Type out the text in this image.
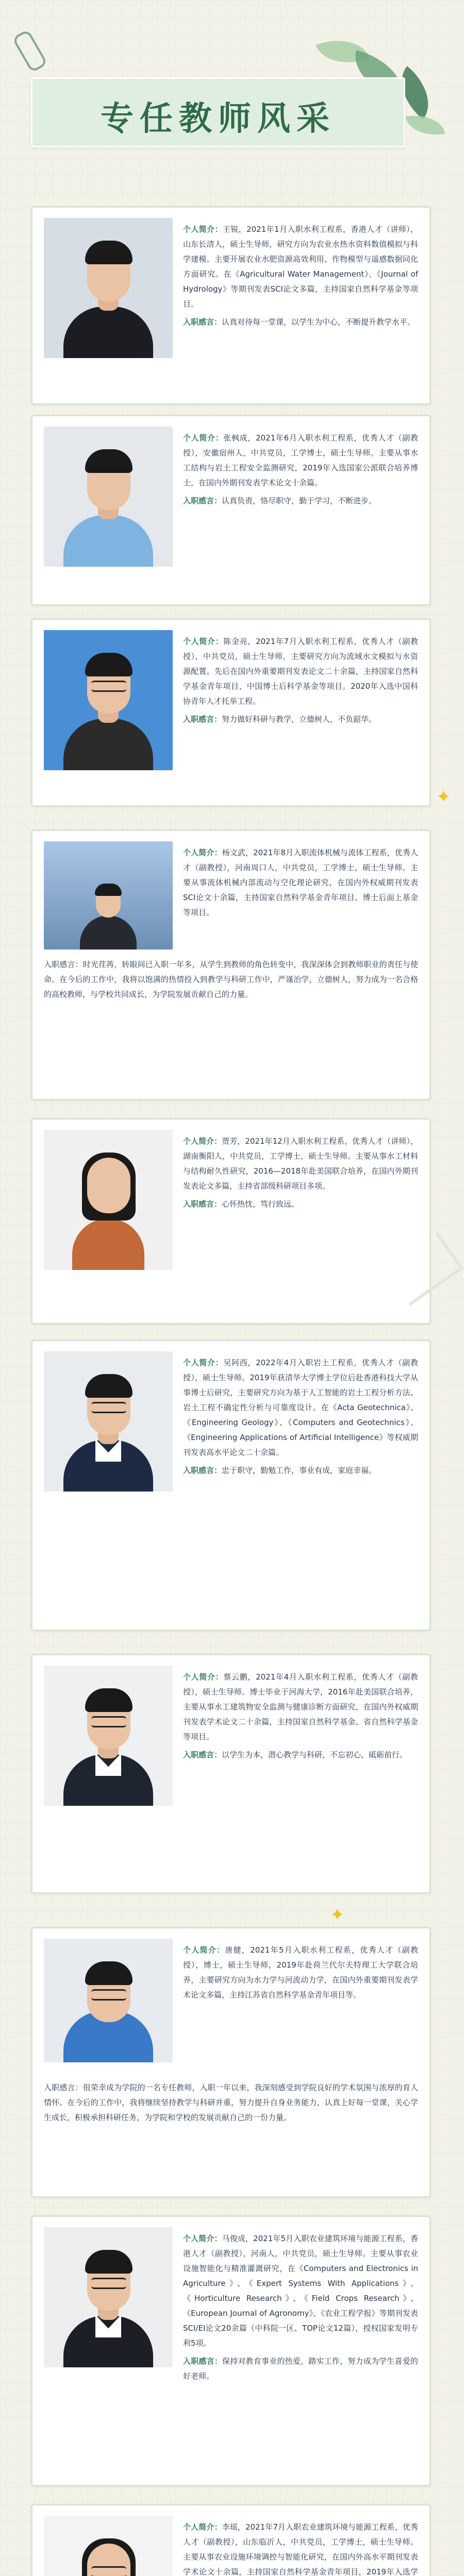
专任教师风采

个人简介：王锐，2021年1月入职水利工程系，香港人才（讲师），山东长清人，硕士生导师，研究方向为农业水热水资料数值模拟与科学建模。主要开展农业水肥资源高效利用、作物模型与遥感数据同化方面研究。在《Agricultural Water Management》、《Journal of Hydrology》等期刊发表SCI论文多篇，主持国家自然科学基金等项目。

入职感言：认真对待每一堂课，以学生为中心，不断提升教学水平。

个人简介：张枫成，2021年6月入职水利工程系，优秀人才（副教授），安徽宿州人，中共党员，工学博士，硕士生导师。主要从事水工结构与岩土工程安全监测研究，2019年入选国家公派联合培养博士，在国内外期刊发表学术论文十余篇。

入职感言：认真负责，恪尽职守，勤于学习，不断进步。

个人简介：陈金亮，2021年7月入职水利工程系，优秀人才（副教授），中共党员，硕士生导师，主要研究方向为流域水文模拟与水资源配置。先后在国内外重要期刊发表论文二十余篇，主持国家自然科学基金青年项目、中国博士后科学基金等项目。2020年入选中国科协青年人才托举工程。

入职感言：努力做好科研与教学，立德树人，不负韶华。

✦

个人简介：杨文武，2021年8月入职流体机械与流体工程系，优秀人才（副教授），河南周口人，中共党员，工学博士，硕士生导师。主要从事流体机械内部流动与空化理论研究，在国内外权威期刊发表SCI论文十余篇，主持国家自然科学基金青年项目、博士后面上基金等项目。

入职感言：时光荏苒，转眼间已入职一年多，从学生到教师的角色转变中，我深深体会到教师职业的责任与使命。在今后的工作中，我将以饱满的热情投入到教学与科研工作中，严谨治学，立德树人，努力成为一名合格的高校教师，与学校共同成长，为学院发展贡献自己的力量。

个人简介：贾芳，2021年12月入职水利工程系，优秀人才（讲师），湖南衡阳人，中共党员，工学博士，硕士生导师。主要从事水工材料与结构耐久性研究，2016—2018年赴美国联合培养，在国内外期刊发表论文多篇，主持省部级科研项目多项。

入职感言：心怀热忱，笃行致远。

个人简介：吴阿西，2022年4月入职岩土工程系，优秀人才（副教授），硕士生导师。2019年获清华大学博士学位后赴香港科技大学从事博士后研究，主要研究方向为基于人工智能的岩土工程分析方法、岩土工程不确定性分析与可靠度设计。在《Acta Geotechnica》、《Engineering Geology》、《Computers and Geotechnics》、《Engineering Applications of Artificial Intelligence》等权威期刊发表高水平论文二十余篇。

入职感言：忠于职守，勤勉工作，事业有成，家庭幸福。

个人简介：蔡云鹏，2021年4月入职水利工程系，优秀人才（副教授），硕士生导师。博士毕业于河海大学，2016年赴美国联合培养，主要从事水工建筑物安全监测与健康诊断方面研究，在国内外权威期刊发表学术论文二十余篇，主持国家自然科学基金、省自然科学基金等项目。

入职感言：以学生为本，潜心教学与科研，不忘初心，砥砺前行。

✦

个人简介：唐健，2021年5月入职水利工程系，优秀人才（副教授），博士，硕士生导师，2019年赴荷兰代尔夫特理工大学联合培养，主要研究方向为水力学与河流动力学，在国内外重要期刊发表学术论文多篇，主持江苏省自然科学基金青年项目等。

入职感言：很荣幸成为学院的一名专任教师，入职一年以来，我深刻感受到学院良好的学术氛围与浓厚的育人情怀。在今后的工作中，我将继续坚持教学与科研并重，努力提升自身业务能力，认真上好每一堂课，关心学生成长，积极承担科研任务，为学院和学校的发展贡献自己的一份力量。

个人简介：马俊成，2021年5月入职农业建筑环境与能源工程系，香港人才（副教授），河南人，中共党员，硕士生导师。主要从事农业设施智能化与精准灌溉研究，在《Computers and Electronics in Agriculture》、《Expert Systems With Applications》、《Horticulture Research》、《Field Crops Research》、《European Journal of Agronomy》、《农业工程学报》等期刊发表SCI/EI论文20余篇（中科院一区、TOP论文12篇），授权国家发明专利5项。

入职感言：保持对教育事业的热爱，踏实工作，努力成为学生喜爱的好老师。

个人简介：李瑶，2021年7月入职农业建筑环境与能源工程系，优秀人才（副教授），山东临沂人，中共党员，工学博士，硕士生导师。主要从事农业设施环境调控与智能化研究，在国内外高水平期刊发表学术论文十余篇，主持国家自然科学基金青年项目，2019年入选学
